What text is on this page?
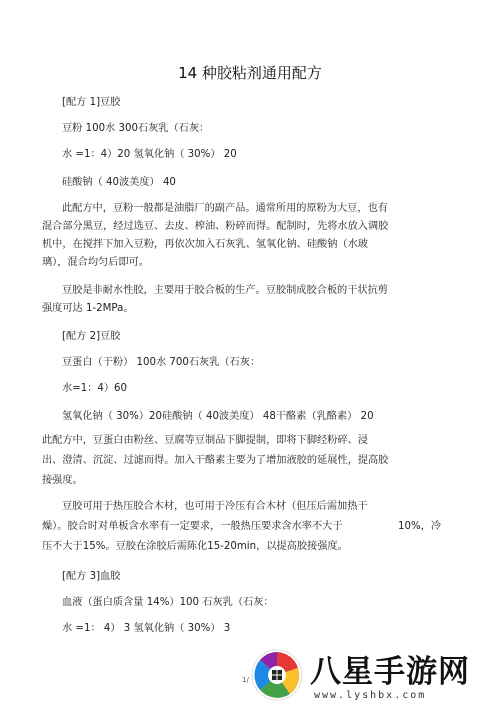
14 种胶粘剂通用配方

[配方 1]豆胶

豆粉 100水 300石灰乳（石灰：

水 =1：4）20 氢氧化钠（ 30%） 20

硅酸钠（ 40波美度） 40

此配方中，豆粉一般都是油脂厂的副产品。通常所用的原粉为大豆，也有

混合部分黑豆，经过选豆、去皮、榨油、粉碎而得。配制时，先将水放入调胶

机中，在搅拌下加入豆粉，再依次加入石灰乳、氢氧化钠、硅酸钠（水玻

璃），混合均匀后即可。

豆胶是非耐水性胶，主要用于胶合板的生产。豆胶制成胶合板的干状抗剪

强度可达 1-2MPa。

[配方 2]豆胶

豆蛋白（干粉） 100水 700石灰乳（石灰：

水=1：4）60

氢氧化钠（ 30%）20硅酸钠（ 40波美度） 48干酪素（乳酪素） 20

此配方中，豆蛋白由粉丝、豆腐等豆制品下脚提制，即将下脚经粉碎、浸

出、澄清、沉淀、过滤而得。加入干酪素主要为了增加液胶的延展性，提高胶

接强度。

豆胶可用于热压胶合木材，也可用于冷压有合木材（但压后需加热干

燥）。胶合时对单板含水率有一定要求，一般热压要求含水率不大于	10%，冷

压不大于15%。豆胶在涂胶后需陈化15-20min，以提高胶接强度。

[配方 3]血胶

血液（蛋白质含量 14%）100 石灰乳（石灰：

水 =1： 4） 3 氢氧化钠（ 30%） 3

1/ 八星手游网
www.lyshbx.com
